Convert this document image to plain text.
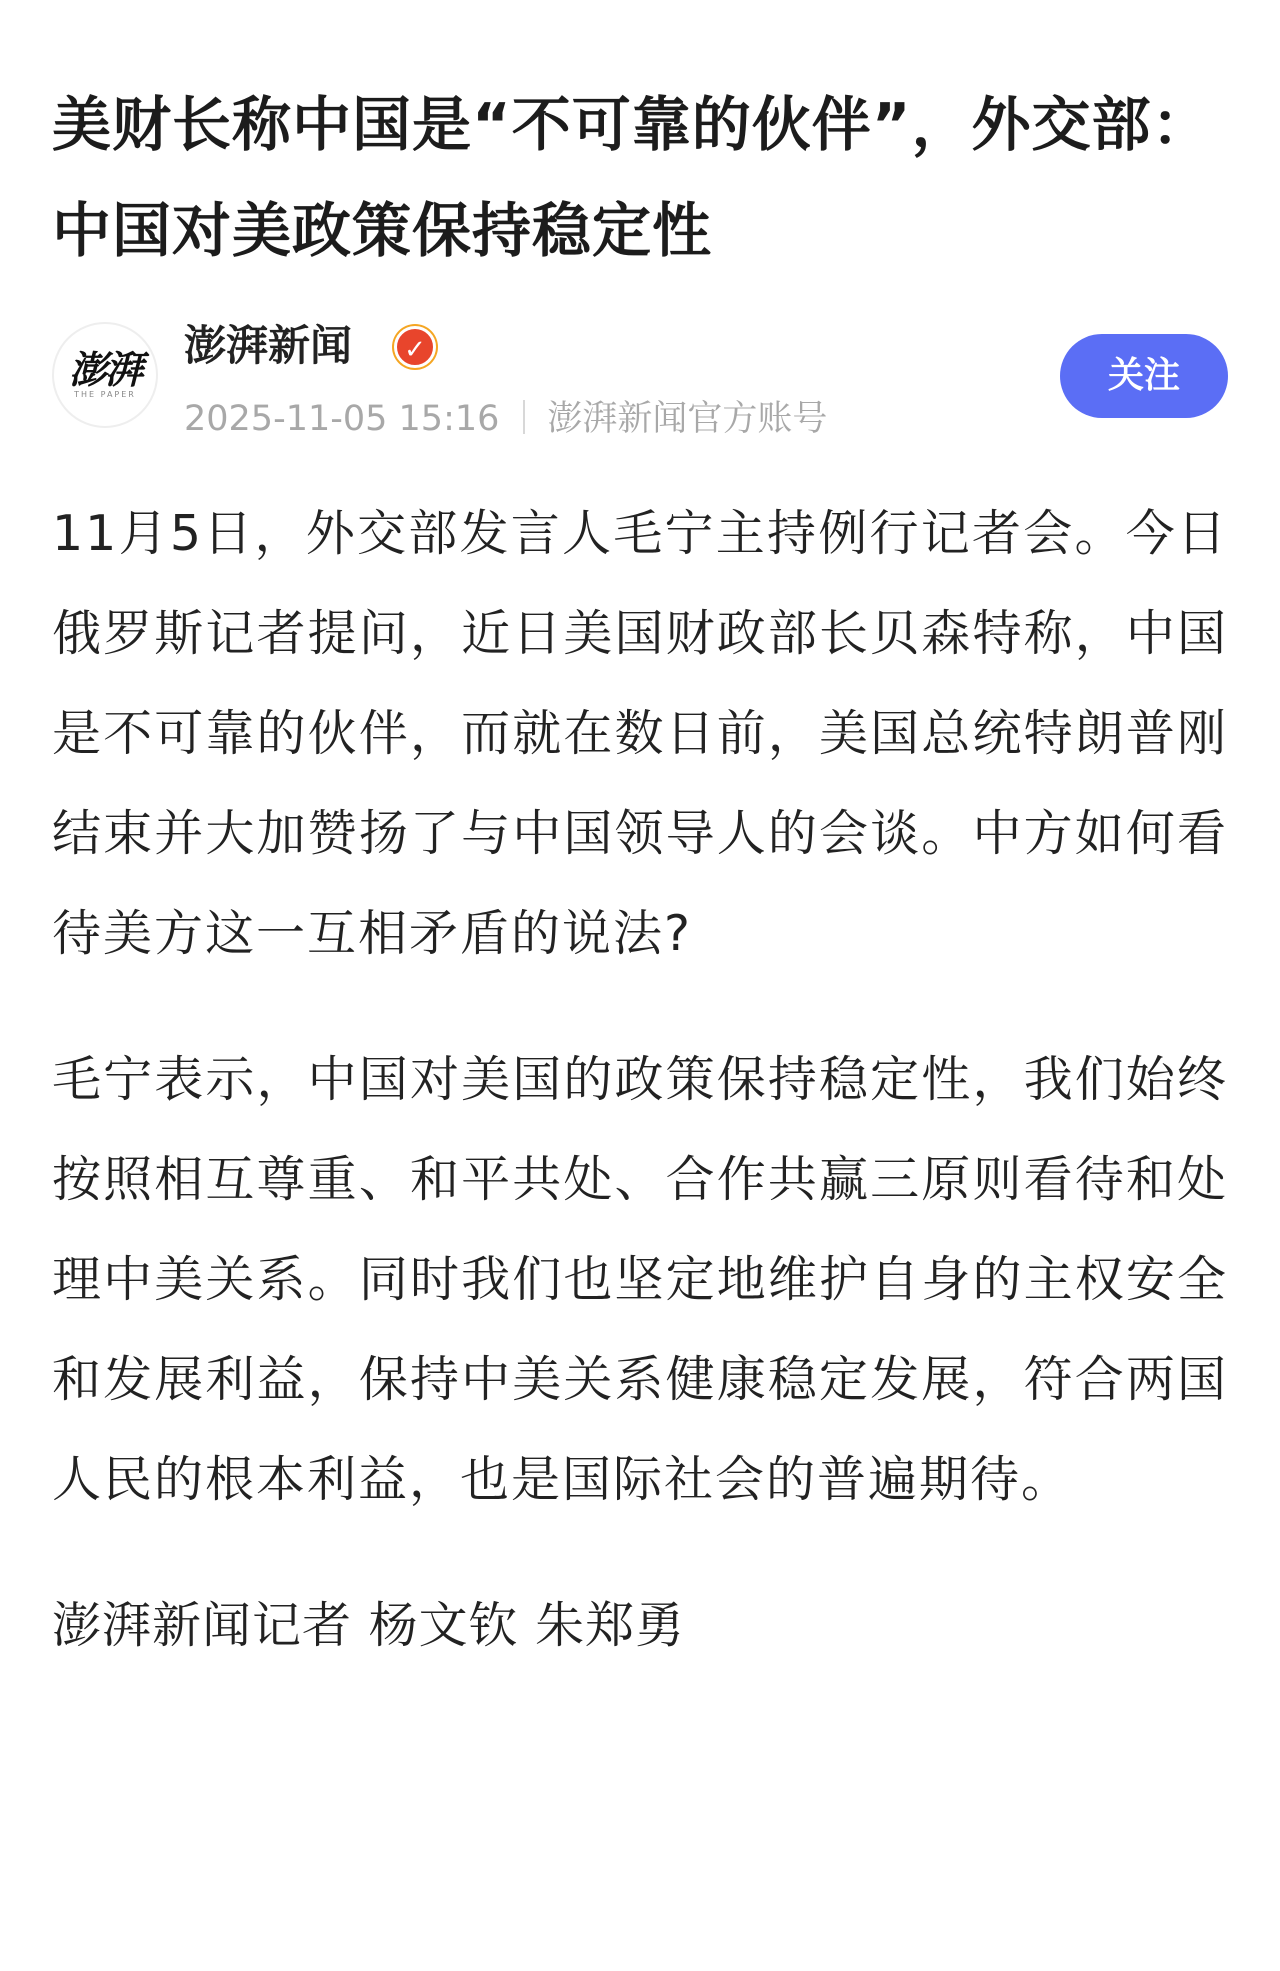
美财长称中国是“不可靠的伙伴”，外交部：中国对美政策保持稳定性
澎湃
THE PAPER
澎湃新闻	✓
2025-11-05 15:16 澎湃新闻官方账号
关注

11月5日，外交部发言人毛宁主持例行记者会。今日俄罗斯记者提问，近日美国财政部长贝森特称，中国是不可靠的伙伴，而就在数日前，美国总统特朗普刚结束并大加赞扬了与中国领导人的会谈。中方如何看待美方这一互相矛盾的说法?

毛宁表示，中国对美国的政策保持稳定性，我们始终按照相互尊重、和平共处、合作共赢三原则看待和处理中美关系。同时我们也坚定地维护自身的主权安全和发展利益，保持中美关系健康稳定发展，符合两国人民的根本利益，也是国际社会的普遍期待。

澎湃新闻记者 杨文钦 朱郑勇
